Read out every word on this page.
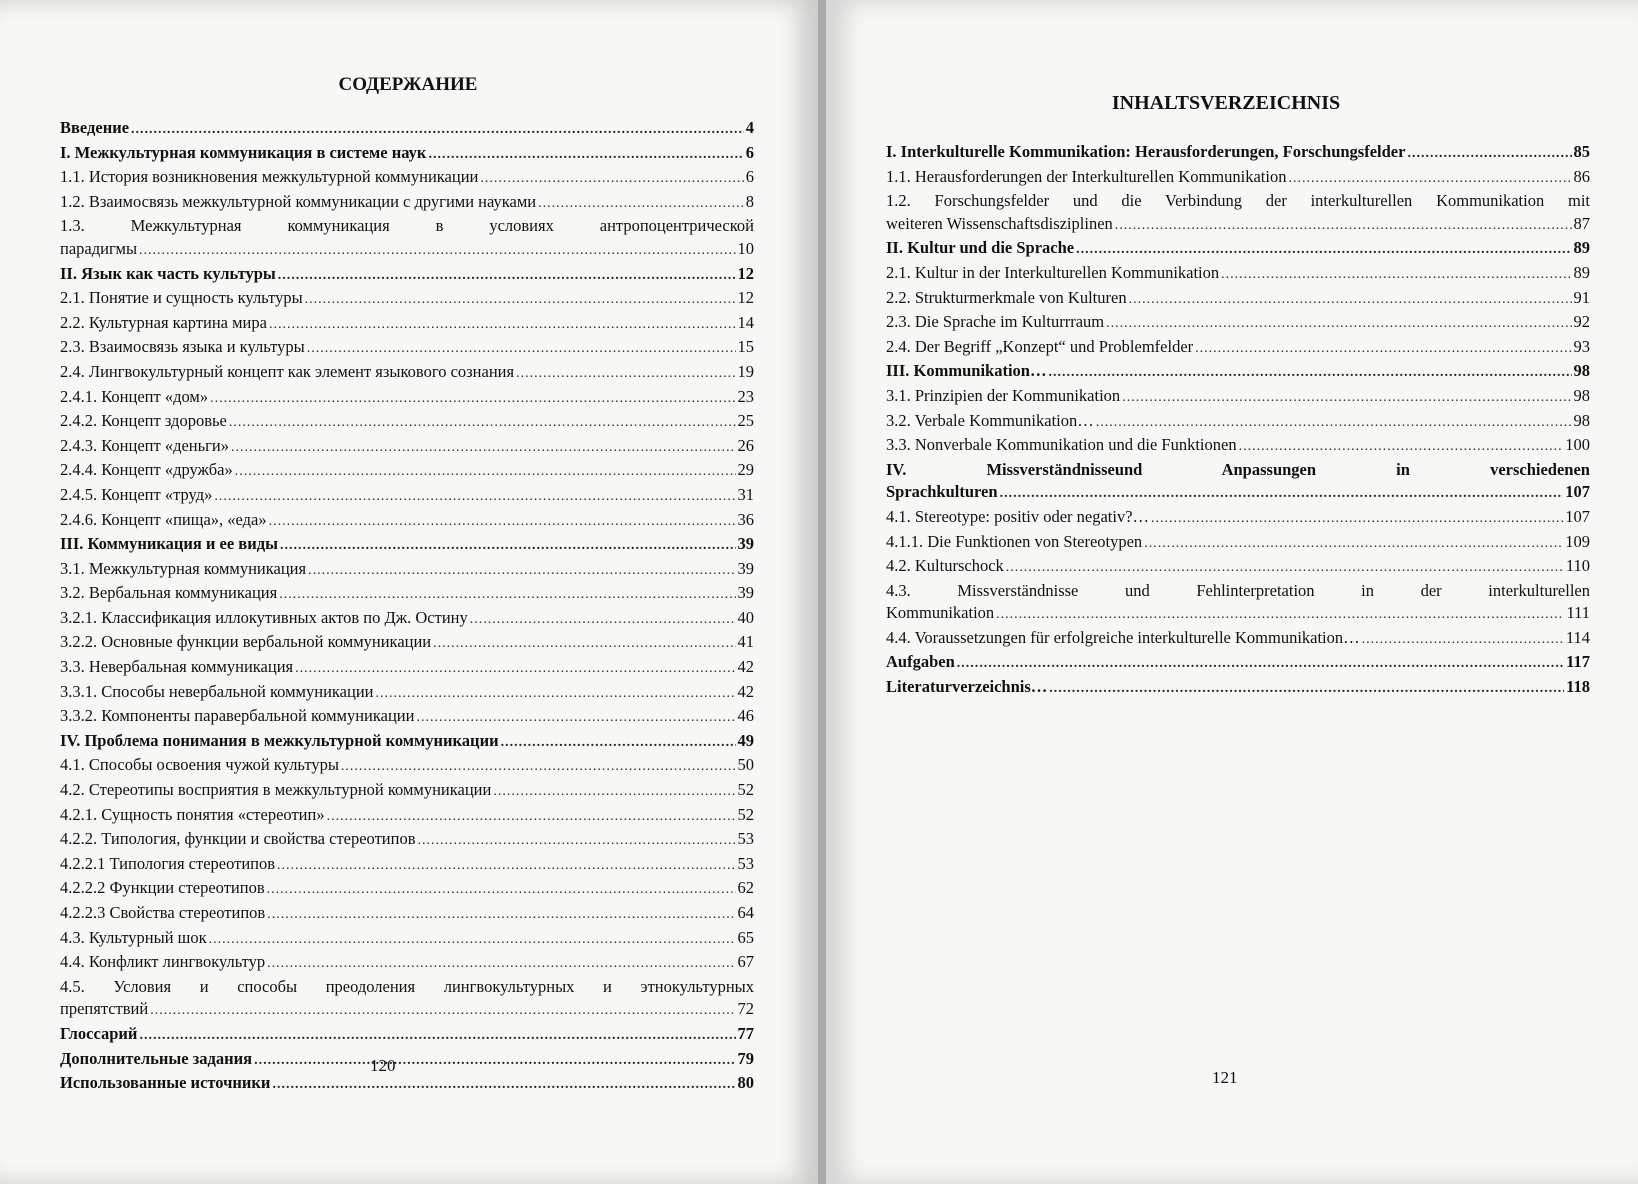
СОДЕРЖАНИЕ
Введение .....	4
I. Межкультурная коммуникация в системе наук .....	6
1.1. История возникновения межкультурной коммуникации .....	6
1.2. Взаимосвязь межкультурной коммуникации с другими науками .....	8
1.3. Межкультурная коммуникация в условиях антропоцентрической
парадигмы .....	10
II. Язык как часть культуры .....	12
2.1. Понятие и сущность культуры .....	12
2.2. Культурная картина мира .....	14
2.3. Взаимосвязь языка и культуры .....	15
2.4. Лингвокультурный концепт как элемент языкового сознания .....	19
2.4.1. Концепт «дом» .....	23
2.4.2. Концепт здоровье .....	25
2.4.3. Концепт «деньги» .....	26
2.4.4. Концепт «дружба» .....	29
2.4.5. Концепт «труд» .....	31
2.4.6. Концепт «пища», «еда» .....	36
III. Коммуникация и ее виды .....	39
3.1. Межкультурная коммуникация .....	39
3.2. Вербальная коммуникация .....	39
3.2.1. Классификация иллокутивных актов по Дж. Остину .....	40
3.2.2. Основные функции вербальной коммуникации .....	41
3.3. Невербальная коммуникация .....	42
3.3.1. Способы невербальной коммуникации .....	42
3.3.2. Компоненты паравербальной коммуникации .....	46
IV. Проблема понимания в межкультурной коммуникации .....	49
4.1. Способы освоения чужой культуры .....	50
4.2. Стереотипы восприятия в межкультурной коммуникации .....	52
4.2.1. Сущность понятия «стереотип» .....	52
4.2.2. Типология, функции и свойства стереотипов .....	53
4.2.2.1 Типология стереотипов .....	53
4.2.2.2 Функции стереотипов .....	62
4.2.2.3 Свойства стереотипов .....	64
4.3. Культурный шок .....	65
4.4. Конфликт лингвокультур .....	67
4.5. Условия и способы преодоления лингвокультурных и этнокультурных
препятствий .....	72
Глоссарий .....	77
Дополнительные задания .....	79
Использованные источники .....	80
120
INHALTSVERZEICHNIS
I. Interkulturelle Kommunikation: Herausforderungen, Forschungsfelder .....	85
1.1. Herausforderungen der Interkulturellen Kommunikation .....	86
1.2. Forschungsfelder und die Verbindung der interkulturellen Kommunikation mit
weiteren Wissenschaftsdisziplinen .....	87
II. Kultur und die Sprache .....	89
2.1. Kultur in der Interkulturellen Kommunikation .....	89
2.2. Strukturmerkmale von Kulturen .....	91
2.3. Die Sprache im Kulturrraum .....	92
2.4. Der Begriff „Konzept“ und Problemfelder .....	93
III. Kommunikation… .....	98
3.1. Prinzipien der Kommunikation .....	98
3.2. Verbale Kommunikation… .....	98
3.3. Nonverbale Kommunikation und die Funktionen .....	100
IV. Missverständnisseund Anpassungen in verschiedenen
Sprachkulturen .....	107
4.1. Stereotype: positiv oder negativ?… .....	107
4.1.1. Die Funktionen von Stereotypen .....	109
4.2. Kulturschock .....	110
4.3. Missverständnisse und Fehlinterpretation in der interkulturellen
Kommunikation .....	111
4.4. Voraussetzungen für erfolgreiche interkulturelle Kommunikation… .....	114
Aufgaben .....	117
Literaturverzeichnis… .....	118
121
